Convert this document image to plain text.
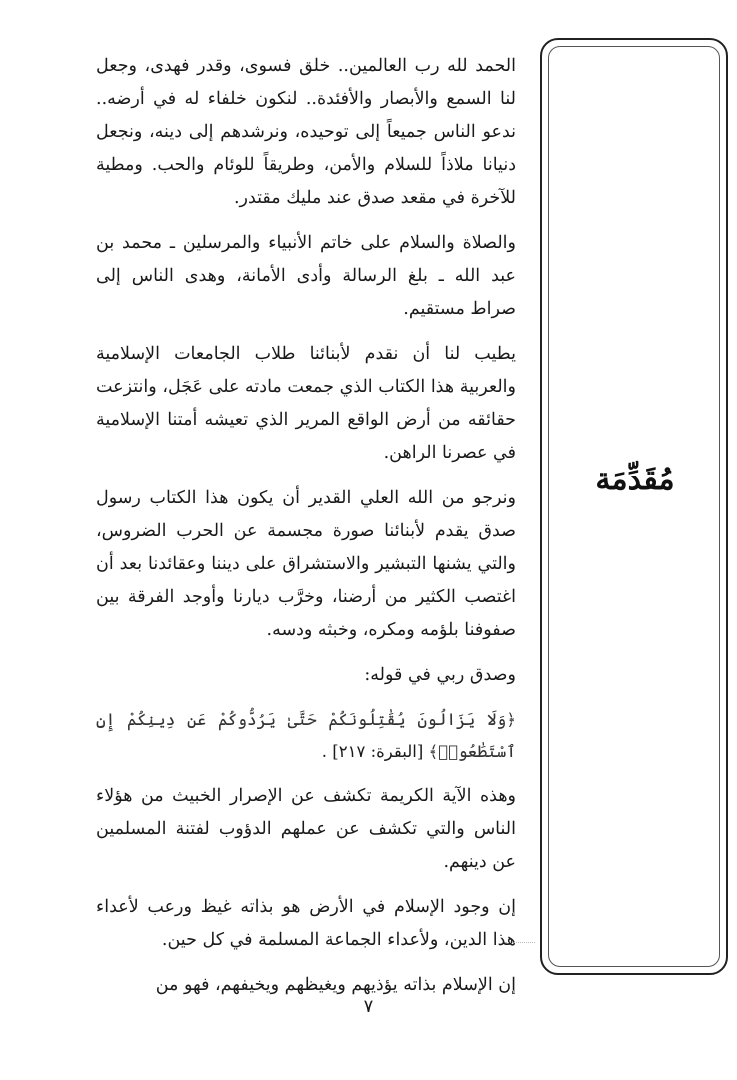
مُقَدِّمَة

الحمد لله رب العالمين.. خلق فسوى، وقدر فهدى، وجعل لنا السمع والأبصار والأفئدة.. لنكون خلفاء له في أرضه.. ندعو الناس جميعاً إلى توحيده، ونرشدهم إلى دينه، ونجعل دنيانا ملاذاً للسلام والأمن، وطريقاً للوئام والحب. ومطية للآخرة في مقعد صدق عند مليك مقتدر.

والصلاة والسلام على خاتم الأنبياء والمرسلين ـ محمد بن عبد الله ـ بلغ الرسالة وأدى الأمانة، وهدى الناس إلى صراط مستقيم.

يطيب لنا أن نقدم لأبنائنا طلاب الجامعات الإسلامية والعربية هذا الكتاب الذي جمعت مادته على عَجَل، وانتزعت حقائقه من أرض الواقع المرير الذي تعيشه أمتنا الإسلامية في عصرنا الراهن.

ونرجو من الله العلي القدير أن يكون هذا الكتاب رسول صدق يقدم لأبنائنا صورة مجسمة عن الحرب الضروس، والتي يشنها التبشير والاستشراق على ديننا وعقائدنا بعد أن اغتصب الكثير من أرضنا، وخرَّب ديارنا وأوجد الفرقة بين صفوفنا بلؤمه ومكره، وخبثه ودسه.

وصدق ربي في قوله:

﴿وَلَا يَزَالُونَ يُقَٰتِلُونَكُمْ حَتَّىٰ يَرُدُّوكُمْ عَن دِينِكُمْ إِنِ ٱسْتَطَٰعُوا۟﴾ [البقرة: ٢١٧] .

وهذه الآية الكريمة تكشف عن الإصرار الخبيث من هؤلاء الناس والتي تكشف عن عملهم الدؤوب لفتنة المسلمين عن دينهم.

إن وجود الإسلام في الأرض هو بذاته غيظ ورعب لأعداء هذا الدين، ولأعداء الجماعة المسلمة في كل حين.

إن الإسلام بذاته يؤذيهم ويغيظهم ويخيفهم، فهو من

٧
